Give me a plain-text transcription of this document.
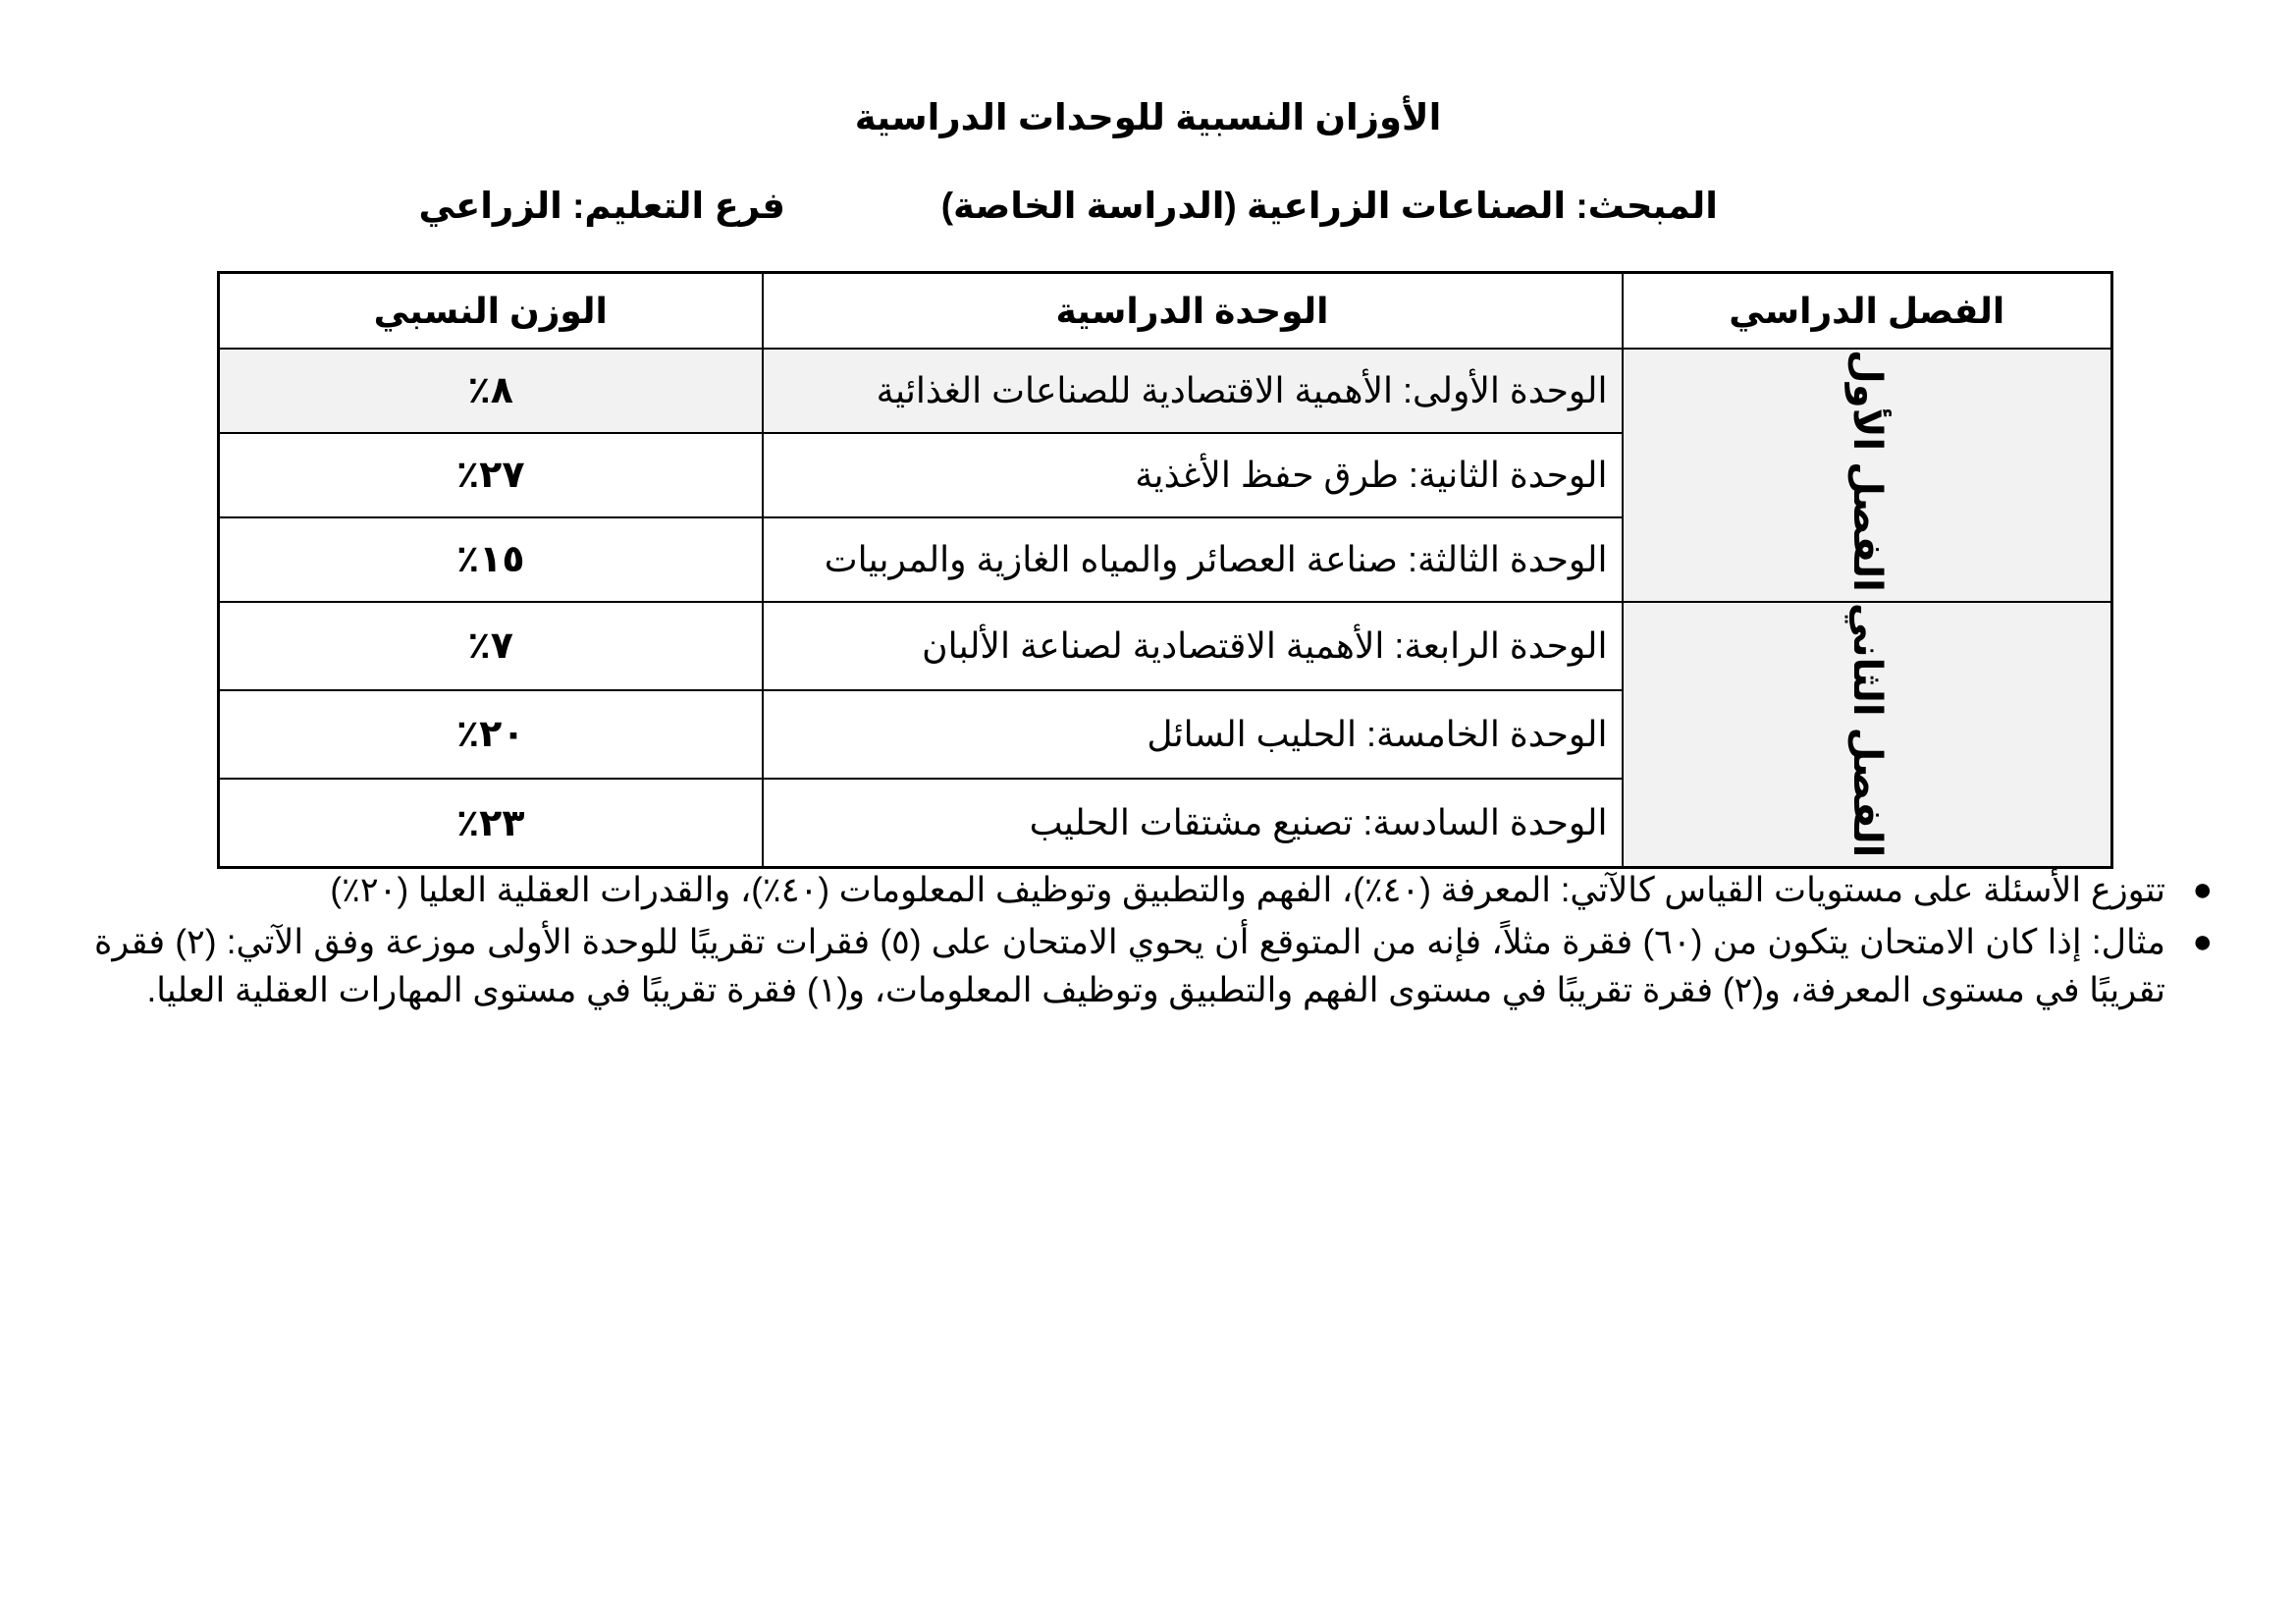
الأوزان النسبية للوحدات الدراسية
المبحث: الصناعات الزراعية (الدراسة الخاصة)
فرع التعليم: الزراعي
الفصل الدراسي	الوحدة الدراسية	الوزن النسبي
الفصل الأول	الوحدة الأولى: الأهمية الاقتصادية للصناعات الغذائية	٨٪
	الوحدة الثانية: طرق حفظ الأغذية	٢٧٪
	الوحدة الثالثة: صناعة العصائر والمياه الغازية والمربيات	١٥٪
الفصل الثاني	الوحدة الرابعة: الأهمية الاقتصادية لصناعة الألبان	٧٪
	الوحدة الخامسة: الحليب السائل	٢٠٪
	الوحدة السادسة: تصنيع مشتقات الحليب	٢٣٪
●
تتوزع الأسئلة على مستويات القياس كالآتي: المعرفة (٤٠٪)، الفهم والتطبيق وتوظيف المعلومات (٤٠٪)، والقدرات العقلية العليا (٢٠٪)
●
مثال: إذا كان الامتحان يتكون من (٦٠) فقرة مثلاً، فإنه من المتوقع أن يحوي الامتحان على (٥) فقرات تقريبًا للوحدة الأولى موزعة وفق الآتي: (٢) فقرة تقريبًا في مستوى المعرفة، و(٢) فقرة تقريبًا في مستوى الفهم والتطبيق وتوظيف المعلومات، و(١) فقرة تقريبًا في مستوى المهارات العقلية العليا.
